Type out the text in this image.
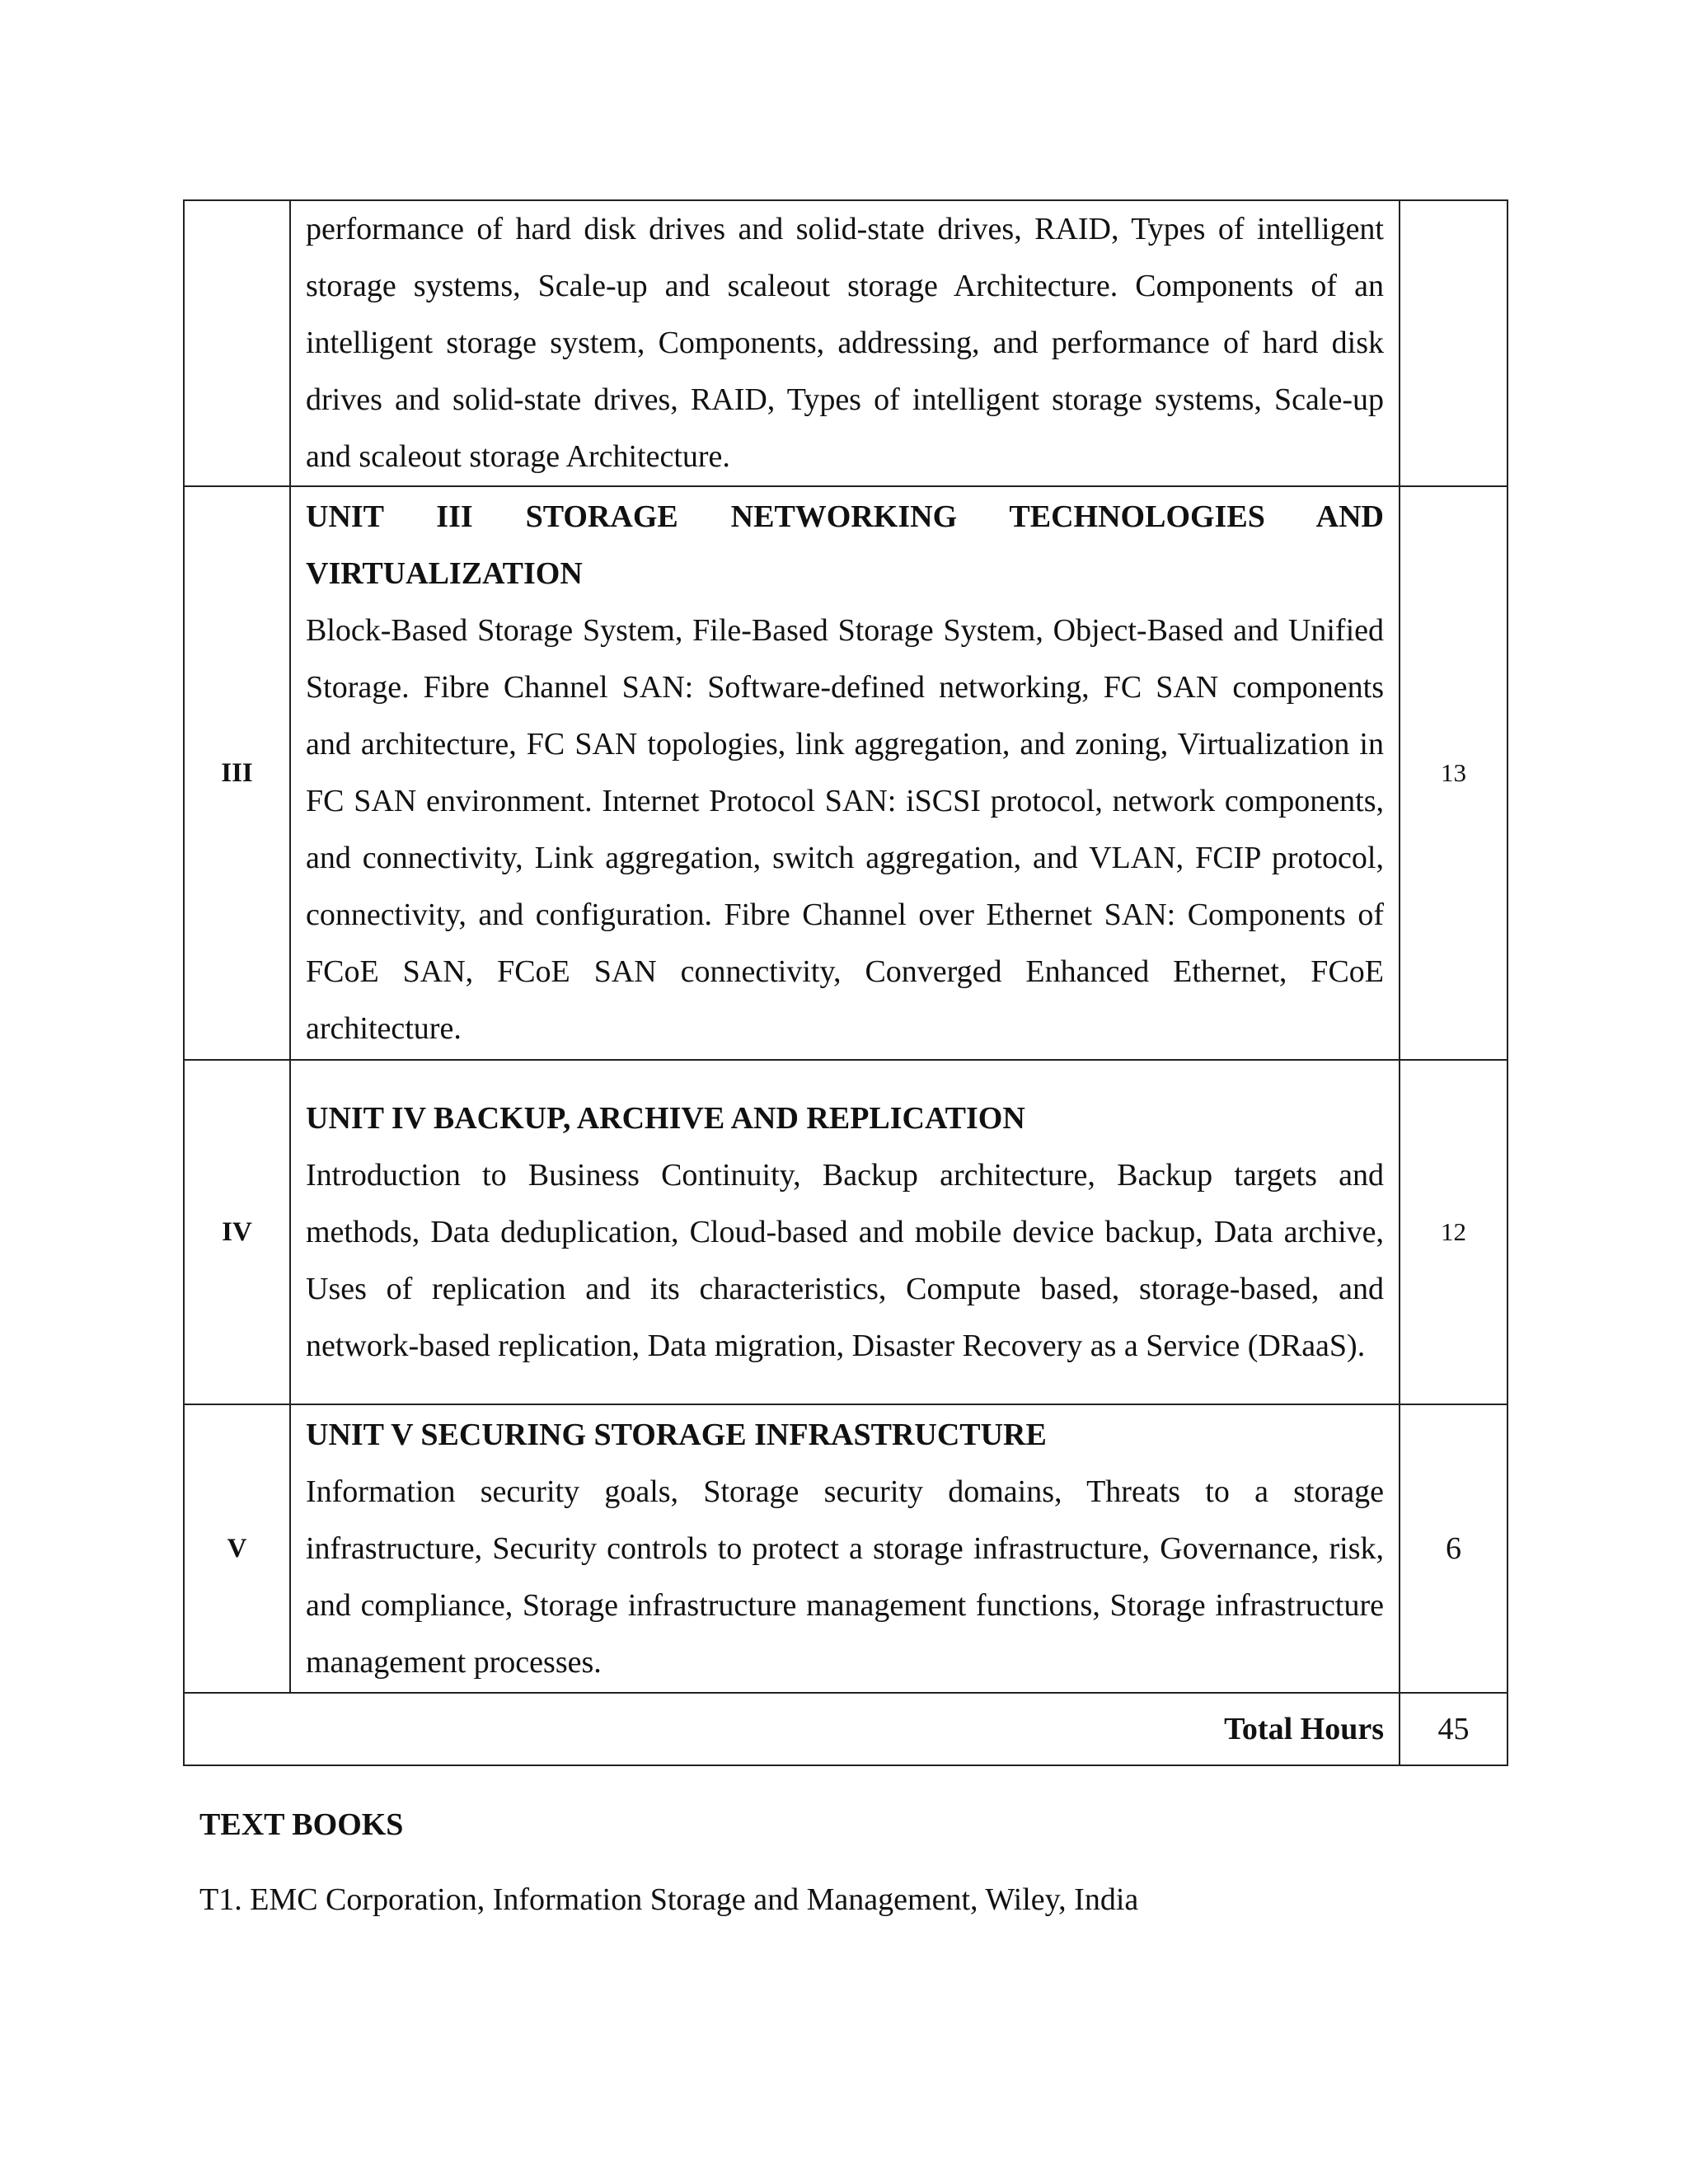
	performance of hard disk drives and solid-state drives, RAID, Types of intelligent storage systems, Scale-up and scaleout storage Architecture. Components of an intelligent storage system, Components, addressing, and performance of hard disk drives and solid-state drives, RAID, Types of intelligent storage systems, Scale-up and scaleout storage Architecture.	
III	UNIT III STORAGE NETWORKING TECHNOLOGIES AND VIRTUALIZATION
Block-Based Storage System, File-Based Storage System, Object-Based and Unified Storage. Fibre Channel SAN: Software-defined networking, FC SAN components and architecture, FC SAN topologies, link aggregation, and zoning, Virtualization in FC SAN environment. Internet Protocol SAN: iSCSI protocol, network components, and connectivity, Link aggregation, switch aggregation, and VLAN, FCIP protocol, connectivity, and configuration. Fibre Channel over Ethernet SAN: Components of FCoE SAN, FCoE SAN connectivity, Converged Enhanced Ethernet, FCoE architecture.	13
IV	UNIT IV BACKUP, ARCHIVE AND REPLICATION
Introduction to Business Continuity, Backup architecture, Backup targets and methods, Data deduplication, Cloud-based and mobile device backup, Data archive, Uses of replication and its characteristics, Compute based, storage-based, and network-based replication, Data migration, Disaster Recovery as a Service (DRaaS).	12
V	UNIT V SECURING STORAGE INFRASTRUCTURE
Information security goals, Storage security domains, Threats to a storage infrastructure, Security controls to protect a storage infrastructure, Governance, risk, and compliance, Storage infrastructure management functions, Storage infrastructure management processes.	6
Total Hours		45
TEXT BOOKS
T1. EMC Corporation, Information Storage and Management, Wiley, India
